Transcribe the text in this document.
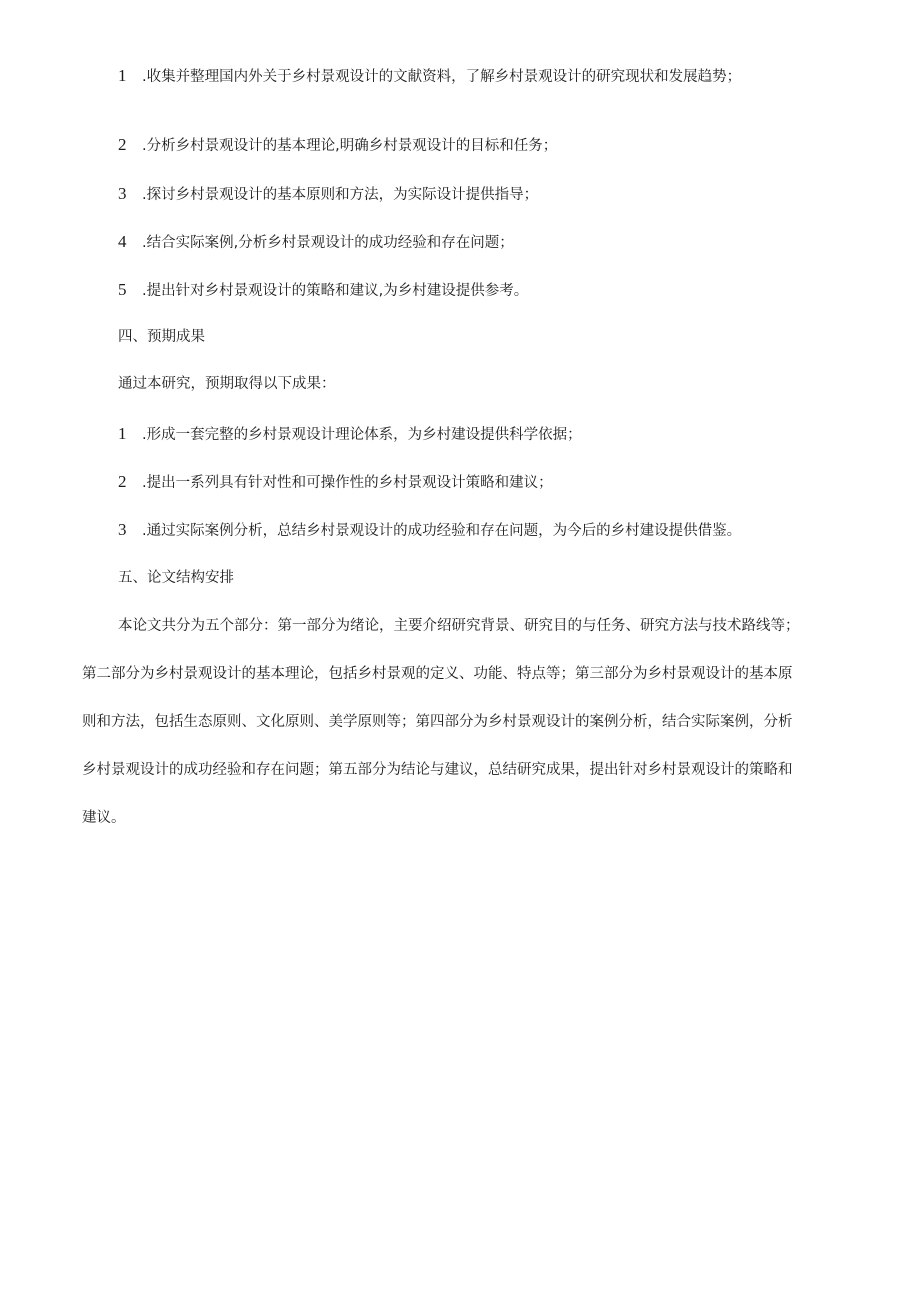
1 .收集并整理国内外关于乡村景观设计的文献资料，了解乡村景观设计的研究现状和发展趋势；
2 .分析乡村景观设计的基本理论,明确乡村景观设计的目标和任务；
3 .探讨乡村景观设计的基本原则和方法，为实际设计提供指导；
4 .结合实际案例,分析乡村景观设计的成功经验和存在问题；
5 .提出针对乡村景观设计的策略和建议,为乡村建设提供参考。
四、预期成果
通过本研究，预期取得以下成果：
1 .形成一套完整的乡村景观设计理论体系，为乡村建设提供科学依据；
2 .提出一系列具有针对性和可操作性的乡村景观设计策略和建议；
3 .通过实际案例分析，总结乡村景观设计的成功经验和存在问题，为今后的乡村建设提供借鉴。
五、论文结构安排
本论文共分为五个部分：第一部分为绪论，主要介绍研究背景、研究目的与任务、研究方法与技术路线等；
第二部分为乡村景观设计的基本理论，包括乡村景观的定义、功能、特点等；第三部分为乡村景观设计的基本原
则和方法，包括生态原则、文化原则、美学原则等；第四部分为乡村景观设计的案例分析，结合实际案例，分析
乡村景观设计的成功经验和存在问题；第五部分为结论与建议，总结研究成果，提出针对乡村景观设计的策略和
建议。
